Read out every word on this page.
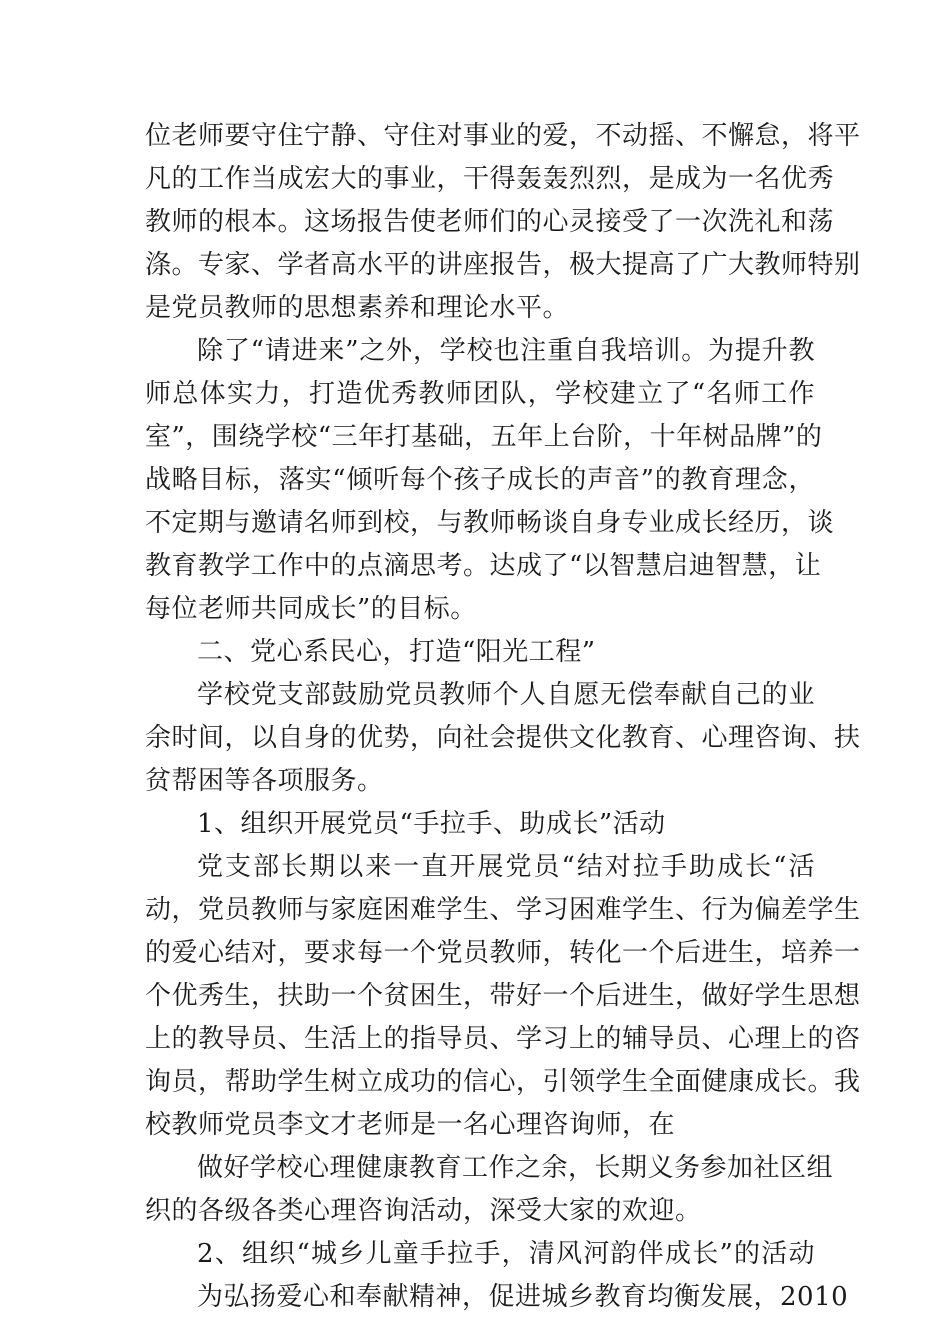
位老师要守住宁静、守住对事业的爱，不动摇、不懈怠，将平
凡的工作当成宏大的事业，干得轰轰烈烈，是成为一名优秀
教师的根本。这场报告使老师们的心灵接受了一次洗礼和荡
涤。专家、学者高水平的讲座报告，极大提高了广大教师特别
是党员教师的思想素养和理论水平。
除了“请进来”之外，学校也注重自我培训。为提升教
师总体实力，打造优秀教师团队，学校建立了“名师工作
室”，围绕学校“三年打基础，五年上台阶，十年树品牌”的
战略目标，落实“倾听每个孩子成长的声音”的教育理念，
不定期与邀请名师到校，与教师畅谈自身专业成长经历，谈
教育教学工作中的点滴思考。达成了“以智慧启迪智慧，让
每位老师共同成长”的目标。
二、党心系民心，打造“阳光工程”
学校党支部鼓励党员教师个人自愿无偿奉献自己的业
余时间，以自身的优势，向社会提供文化教育、心理咨询、扶
贫帮困等各项服务。
1、组织开展党员“手拉手、助成长”活动
党支部长期以来一直开展党员“结对拉手助成长“活
动，党员教师与家庭困难学生、学习困难学生、行为偏差学生
的爱心结对，要求每一个党员教师，转化一个后进生，培养一
个优秀生，扶助一个贫困生，带好一个后进生，做好学生思想
上的教导员、生活上的指导员、学习上的辅导员、心理上的咨
询员，帮助学生树立成功的信心，引领学生全面健康成长。我
校教师党员李文才老师是一名心理咨询师，在
做好学校心理健康教育工作之余，长期义务参加社区组
织的各级各类心理咨询活动，深受大家的欢迎。
2、组织“城乡儿童手拉手，清风河韵伴成长”的活动
为弘扬爱心和奉献精神，促进城乡教育均衡发展，2010
